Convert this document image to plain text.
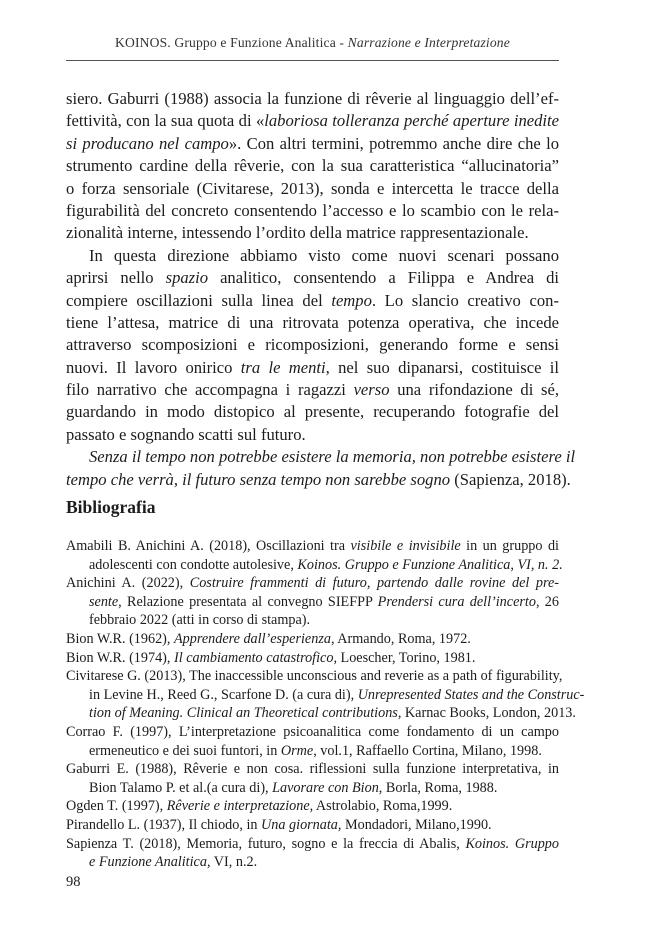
KOINOS. Gruppo e Funzione Analitica - Narrazione e Interpretazione
siero. Gaburri (1988) associa la funzione di rêverie al linguaggio dell’ef-
fettività, con la sua quota di «laboriosa tolleranza perché aperture inedite
si producano nel campo». Con altri termini, potremmo anche dire che lo
strumento cardine della rêverie, con la sua caratteristica “allucinatoria”
o forza sensoriale (Civitarese, 2013), sonda e intercetta le tracce della
figurabilità del concreto consentendo l’accesso e lo scambio con le rela-
zionalità interne, intessendo l’ordito della matrice rappresentazionale.
In questa direzione abbiamo visto come nuovi scenari possano
aprirsi nello spazio analitico, consentendo a Filippa e Andrea di
compiere oscillazioni sulla linea del tempo. Lo slancio creativo con-
tiene l’attesa, matrice di una ritrovata potenza operativa, che incede
attraverso scomposizioni e ricomposizioni, generando forme e sensi
nuovi. Il lavoro onirico tra le menti, nel suo dipanarsi, costituisce il
filo narrativo che accompagna i ragazzi verso una rifondazione di sé,
guardando in modo distopico al presente, recuperando fotografie del
passato e sognando scatti sul futuro.
Senza il tempo non potrebbe esistere la memoria, non potrebbe esistere il
tempo che verrà, il futuro senza tempo non sarebbe sogno (Sapienza, 2018).
Bibliografia
Amabili B. Anichini A. (2018), Oscillazioni tra visibile e invisibile in un gruppo di
adolescenti con condotte autolesive, Koinos. Gruppo e Funzione Analitica, VI, n. 2.
Anichini A. (2022), Costruire frammenti di futuro, partendo dalle rovine del pre-
sente, Relazione presentata al convegno SIEFPP Prendersi cura dell’incerto, 26
febbraio 2022 (atti in corso di stampa).
Bion W.R. (1962), Apprendere dall’esperienza, Armando, Roma, 1972.
Bion W.R. (1974), Il cambiamento catastrofico, Loescher, Torino, 1981.
Civitarese G. (2013), The inaccessible unconscious and reverie as a path of figurability,
in Levine H., Reed G., Scarfone D. (a cura di), Unrepresented States and the Construc-
tion of Meaning. Clinical an Theoretical contributions, Karnac Books, London, 2013.
Corrao F. (1997), L’interpretazione psicoanalitica come fondamento di un campo
ermeneutico e dei suoi funtori, in Orme, vol.1, Raffaello Cortina, Milano, 1998.
Gaburri E. (1988), Rêverie e non cosa. riflessioni sulla funzione interpretativa, in
Bion Talamo P. et al.(a cura di), Lavorare con Bion, Borla, Roma, 1988.
Ogden T. (1997), Rêverie e interpretazione, Astrolabio, Roma,1999.
Pirandello L. (1937), Il chiodo, in Una giornata, Mondadori, Milano,1990.
Sapienza T. (2018), Memoria, futuro, sogno e la freccia di Abalis, Koinos. Gruppo
e Funzione Analitica, VI, n.2.
98
